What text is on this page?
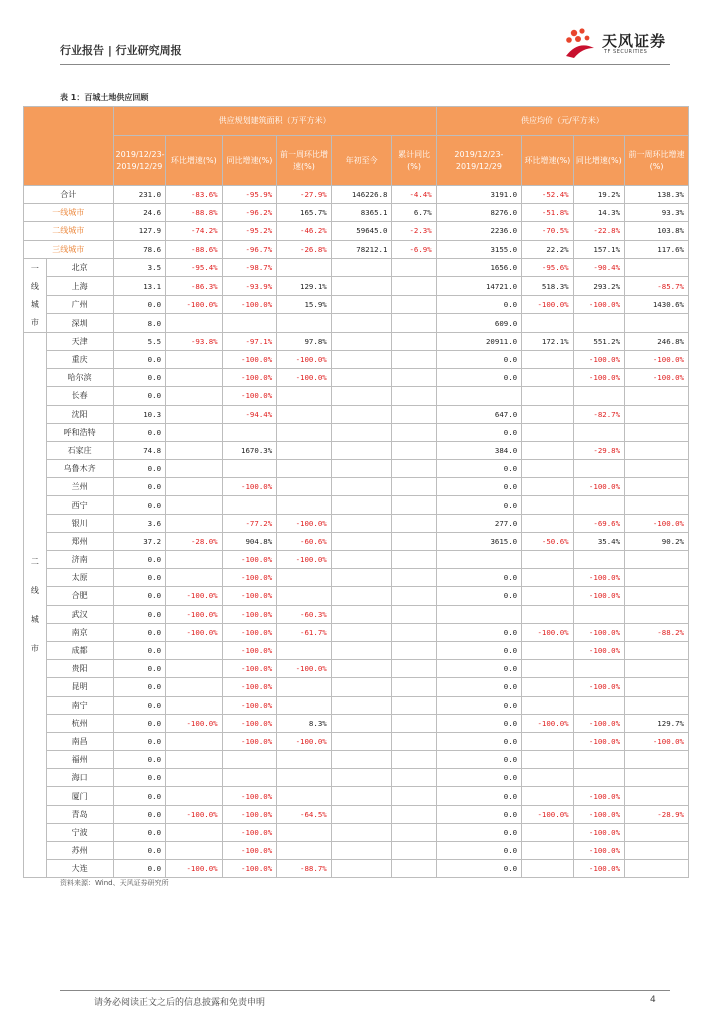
行业报告 | 行业研究周报
天风证券
TF SECURITIES
表 1：百城土地供应回顾
		供应规划建筑面积（万平方米）						供应均价（元/平方米）			
		2019/12/23-2019/12/29	环比增速(%)	同比增速(%)	前一周环比增速(%)	年初至今	累计同比(%)	2019/12/23-2019/12/29	环比增速(%)	同比增速(%)	前一周环比增速(%)
合计		231.0	-83.6%	-95.9%	-27.9%	146226.8	-4.4%	3191.0	-52.4%	19.2%	138.3%
一线城市		24.6	-88.8%	-96.2%	165.7%	8365.1	6.7%	8276.0	-51.8%	14.3%	93.3%
二线城市		127.9	-74.2%	-95.2%	-46.2%	59645.0	-2.3%	2236.0	-70.5%	-22.8%	103.8%
三线城市		78.6	-88.6%	-96.7%	-26.8%	78212.1	-6.9%	3155.0	22.2%	157.1%	117.6%

一
线
城
市	北京	3.5	-95.4%	-98.7%				1656.0	-95.6%	-90.4%	
	上海	13.1	-86.3%	-93.9%	129.1%			14721.0	518.3%	293.2%	-85.7%
	广州	0.0	-100.0%	-100.0%	15.9%			0.0	-100.0%	-100.0%	1430.6%
	深圳	8.0						609.0			

二
线
城
市	天津	5.5	-93.8%	-97.1%	97.8%			20911.0	172.1%	551.2%	246.8%
	重庆	0.0		-100.0%	-100.0%			0.0		-100.0%	-100.0%
	哈尔滨	0.0		-100.0%	-100.0%			0.0		-100.0%	-100.0%
	长春	0.0		-100.0%							
	沈阳	10.3		-94.4%				647.0		-82.7%	
	呼和浩特	0.0						0.0			
	石家庄	74.8		1670.3%				384.0		-29.8%	
	乌鲁木齐	0.0						0.0			
	兰州	0.0		-100.0%				0.0		-100.0%	
	西宁	0.0						0.0			
	银川	3.6		-77.2%	-100.0%			277.0		-69.6%	-100.0%
	郑州	37.2	-28.0%	904.8%	-60.6%			3615.0	-50.6%	35.4%	90.2%
	济南	0.0		-100.0%	-100.0%						
	太原	0.0		-100.0%				0.0		-100.0%	
	合肥	0.0	-100.0%	-100.0%				0.0		-100.0%	
	武汉	0.0	-100.0%	-100.0%	-60.3%						
	南京	0.0	-100.0%	-100.0%	-61.7%			0.0	-100.0%	-100.0%	-88.2%
	成都	0.0		-100.0%				0.0		-100.0%	
	贵阳	0.0		-100.0%	-100.0%			0.0			
	昆明	0.0		-100.0%				0.0		-100.0%	
	南宁	0.0		-100.0%				0.0			
	杭州	0.0	-100.0%	-100.0%	8.3%			0.0	-100.0%	-100.0%	129.7%
	南昌	0.0		-100.0%	-100.0%			0.0		-100.0%	-100.0%
	福州	0.0						0.0			
	海口	0.0						0.0			
	厦门	0.0		-100.0%				0.0		-100.0%	
	青岛	0.0	-100.0%	-100.0%	-64.5%			0.0	-100.0%	-100.0%	-28.9%
	宁波	0.0		-100.0%				0.0		-100.0%	
	苏州	0.0		-100.0%				0.0		-100.0%	
	大连	0.0	-100.0%	-100.0%	-88.7%			0.0		-100.0%	
资料来源：Wind、天风证券研究所
请务必阅读正文之后的信息披露和免责申明	4
